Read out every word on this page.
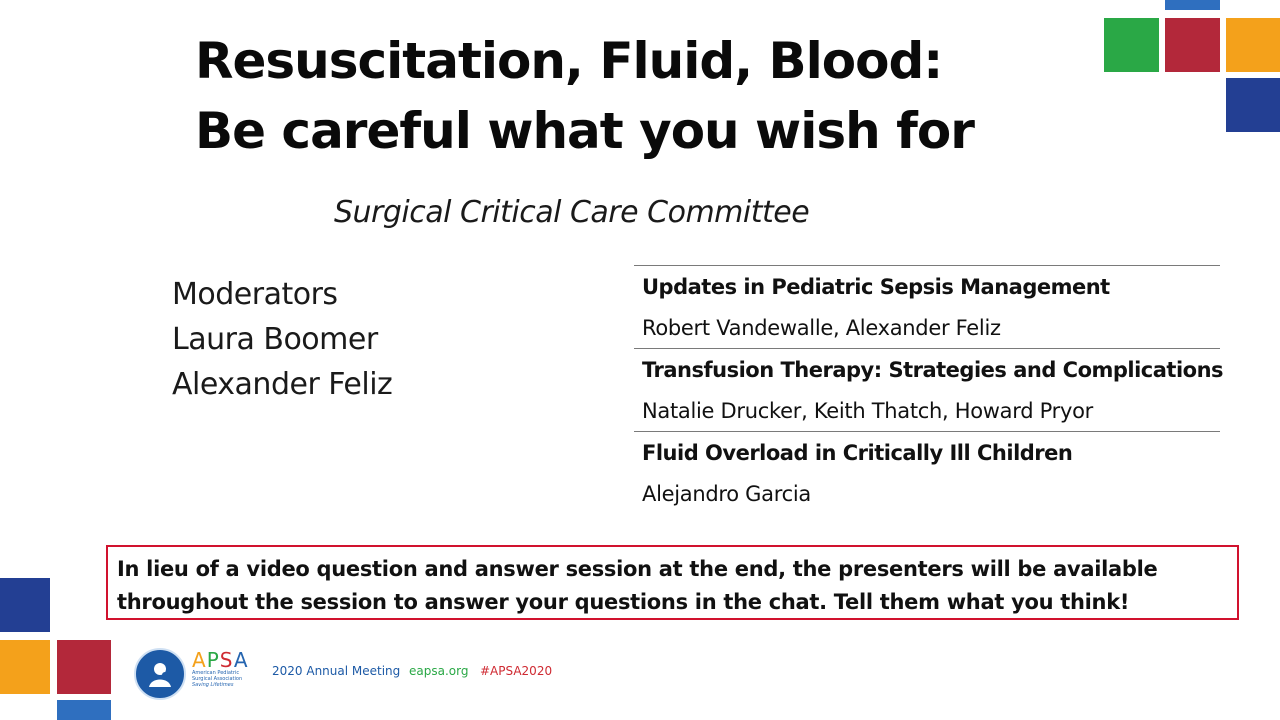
Resuscitation, Fluid, Blood:
Be careful what you wish for

Surgical Critical Care Committee

Moderators
Laura Boomer
Alexander Feliz
Updates in Pediatric Sepsis Management
Robert Vandewalle, Alexander Feliz
Transfusion Therapy: Strategies and Complications
Natalie Drucker, Keith Thatch, Howard Pryor
Fluid Overload in Critically Ill Children
Alejandro Garcia
In lieu of a video question and answer session at the end, the presenters will be available
throughout the session to answer your questions in the chat. Tell them what you think!
APSA
American Pediatric
Surgical Association
Saving Lifetimes
2020 Annual Meeting eapsa.org #APSA2020
